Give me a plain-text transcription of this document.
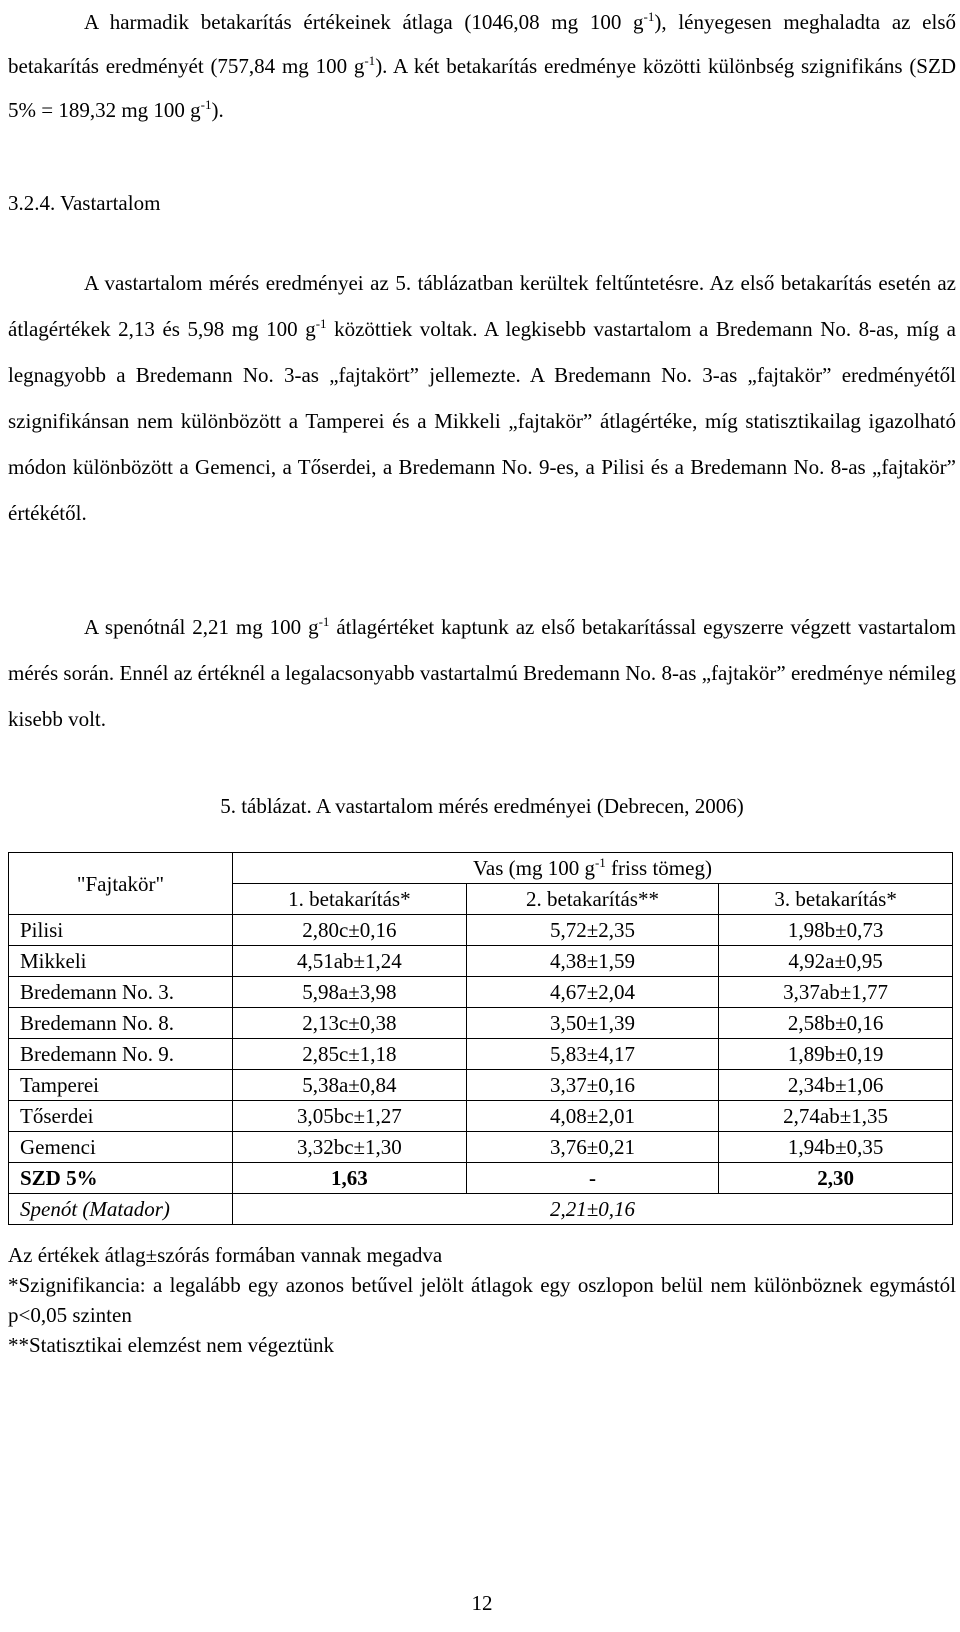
A harmadik betakarítás értékeinek átlaga (1046,08 mg 100 $g^{-1}$), lényegesen meghaladta az első betakarítás eredményét (757,84 mg 100 $g^{-1}$). A két betakarítás eredménye közötti különbség szignifikáns (SZD 5% = 189,32 mg 100 $g^{-1}$).

3.2.4. Vastartalom

A vastartalom mérés eredményei az 5. táblázatban kerültek feltűntetésre. Az első betakarítás esetén az átlagértékek 2,13 és 5,98 mg 100 $g^{-1}$ közöttiek voltak. A legkisebb vastartalom a Bredemann No. 8-as, míg a legnagyobb a Bredemann No. 3-as „fajtakört” jellemezte. A Bredemann No. 3-as „fajtakör” eredményétől szignifikánsan nem különbözött a Tamperei és a Mikkeli „fajtakör” átlagértéke, míg statisztikailag igazolható módon különbözött a Gemenci, a Tőserdei, a Bredemann No. 9-es, a Pilisi és a Bredemann No. 8-as „fajtakör” értékétől.

A spenótnál 2,21 mg 100 $g^{-1}$ átlagértéket kaptunk az első betakarítással egyszerre végzett vastartalom mérés során. Ennél az értéknél a legalacsonyabb vastartalmú Bredemann No. 8-as „fajtakör” eredménye némileg kisebb volt.

5. táblázat. A vastartalom mérés eredményei (Debrecen, 2006)
"Fajtakör"	Vas (mg 100 $g^{-1}$ friss tömeg)		
	1. betakarítás*	2. betakarítás**	3. betakarítás*
Pilisi	2,80c±0,16	5,72±2,35	1,98b±0,73
Mikkeli	4,51ab±1,24	4,38±1,59	4,92a±0,95
Bredemann No. 3.	5,98a±3,98	4,67±2,04	3,37ab±1,77
Bredemann No. 8.	2,13c±0,38	3,50±1,39	2,58b±0,16
Bredemann No. 9.	2,85c±1,18	5,83±4,17	1,89b±0,19
Tamperei	5,38a±0,84	3,37±0,16	2,34b±1,06
Tőserdei	3,05bc±1,27	4,08±2,01	2,74ab±1,35
Gemenci	3,32bc±1,30	3,76±0,21	1,94b±0,35
SZD 5%	1,63	-	2,30
Spenót (Matador)	2,21±0,16		
Az értékek átlag±szórás formában vannak megadva
*Szignifikancia: a legalább egy azonos betűvel jelölt átlagok egy oszlopon belül nem különböznek egymástól p<0,05 szinten
**Statisztikai elemzést nem végeztünk
12
